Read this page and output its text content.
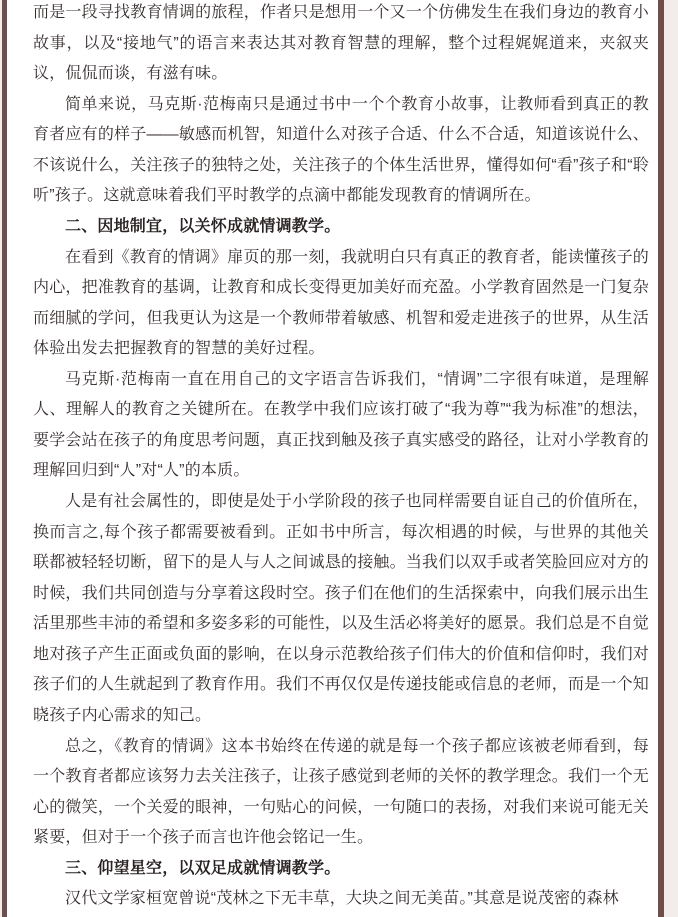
而是一段寻找教育情调的旅程，作者只是想用一个又一个仿佛发生在我们身边的教育小故事，以及“接地气”的语言来表达其对教育智慧的理解，整个过程娓娓道来，夹叙夹议，侃侃而谈，有滋有味。

简单来说，马克斯·范梅南只是通过书中一个个教育小故事，让教师看到真正的教育者应有的样子——敏感而机智，知道什么对孩子合适、什么不合适，知道该说什么、不该说什么，关注孩子的独特之处，关注孩子的个体生活世界，懂得如何“看”孩子和“聆听”孩子。这就意味着我们平时教学的点滴中都能发现教育的情调所在。

二、因地制宜，以关怀成就情调教学。

在看到《教育的情调》扉页的那一刻，我就明白只有真正的教育者，能读懂孩子的内心，把准教育的基调，让教育和成长变得更加美好而充盈。小学教育固然是一门复杂而细腻的学问，但我更认为这是一个教师带着敏感、机智和爱走进孩子的世界，从生活体验出发去把握教育的智慧的美好过程。

马克斯·范梅南一直在用自己的文字语言告诉我们，“情调”二字很有味道，是理解人、理解人的教育之关键所在。在教学中我们应该打破了“我为尊”“我为标准”的想法，要学会站在孩子的角度思考问题，真正找到触及孩子真实感受的路径，让对小学教育的理解回归到“人”对“人”的本质。

人是有社会属性的，即使是处于小学阶段的孩子也同样需要自证自己的价值所在，换而言之,每个孩子都需要被看到。正如书中所言，每次相遇的时候，与世界的其他关联都被轻轻切断，留下的是人与人之间诚恳的接触。当我们以双手或者笑脸回应对方的时候，我们共同创造与分享着这段时空。孩子们在他们的生活探索中，向我们展示出生活里那些丰沛的希望和多姿多彩的可能性，以及生活必将美好的愿景。我们总是不自觉地对孩子产生正面或负面的影响，在以身示范教给孩子们伟大的价值和信仰时，我们对孩子们的人生就起到了教育作用。我们不再仅仅是传递技能或信息的老师，而是一个知晓孩子内心需求的知己。

总之，《教育的情调》这本书始终在传递的就是每一个孩子都应该被老师看到，每一个教育者都应该努力去关注孩子，让孩子感觉到老师的关怀的教学理念。我们一个无心的微笑，一个关爱的眼神，一句贴心的问候，一句随口的表扬，对我们来说可能无关紧要，但对于一个孩子而言也许他会铭记一生。

三、仰望星空，以双足成就情调教学。

汉代文学家桓宽曾说“茂林之下无丰草，大块之间无美苗。”其意是说茂密的森林
